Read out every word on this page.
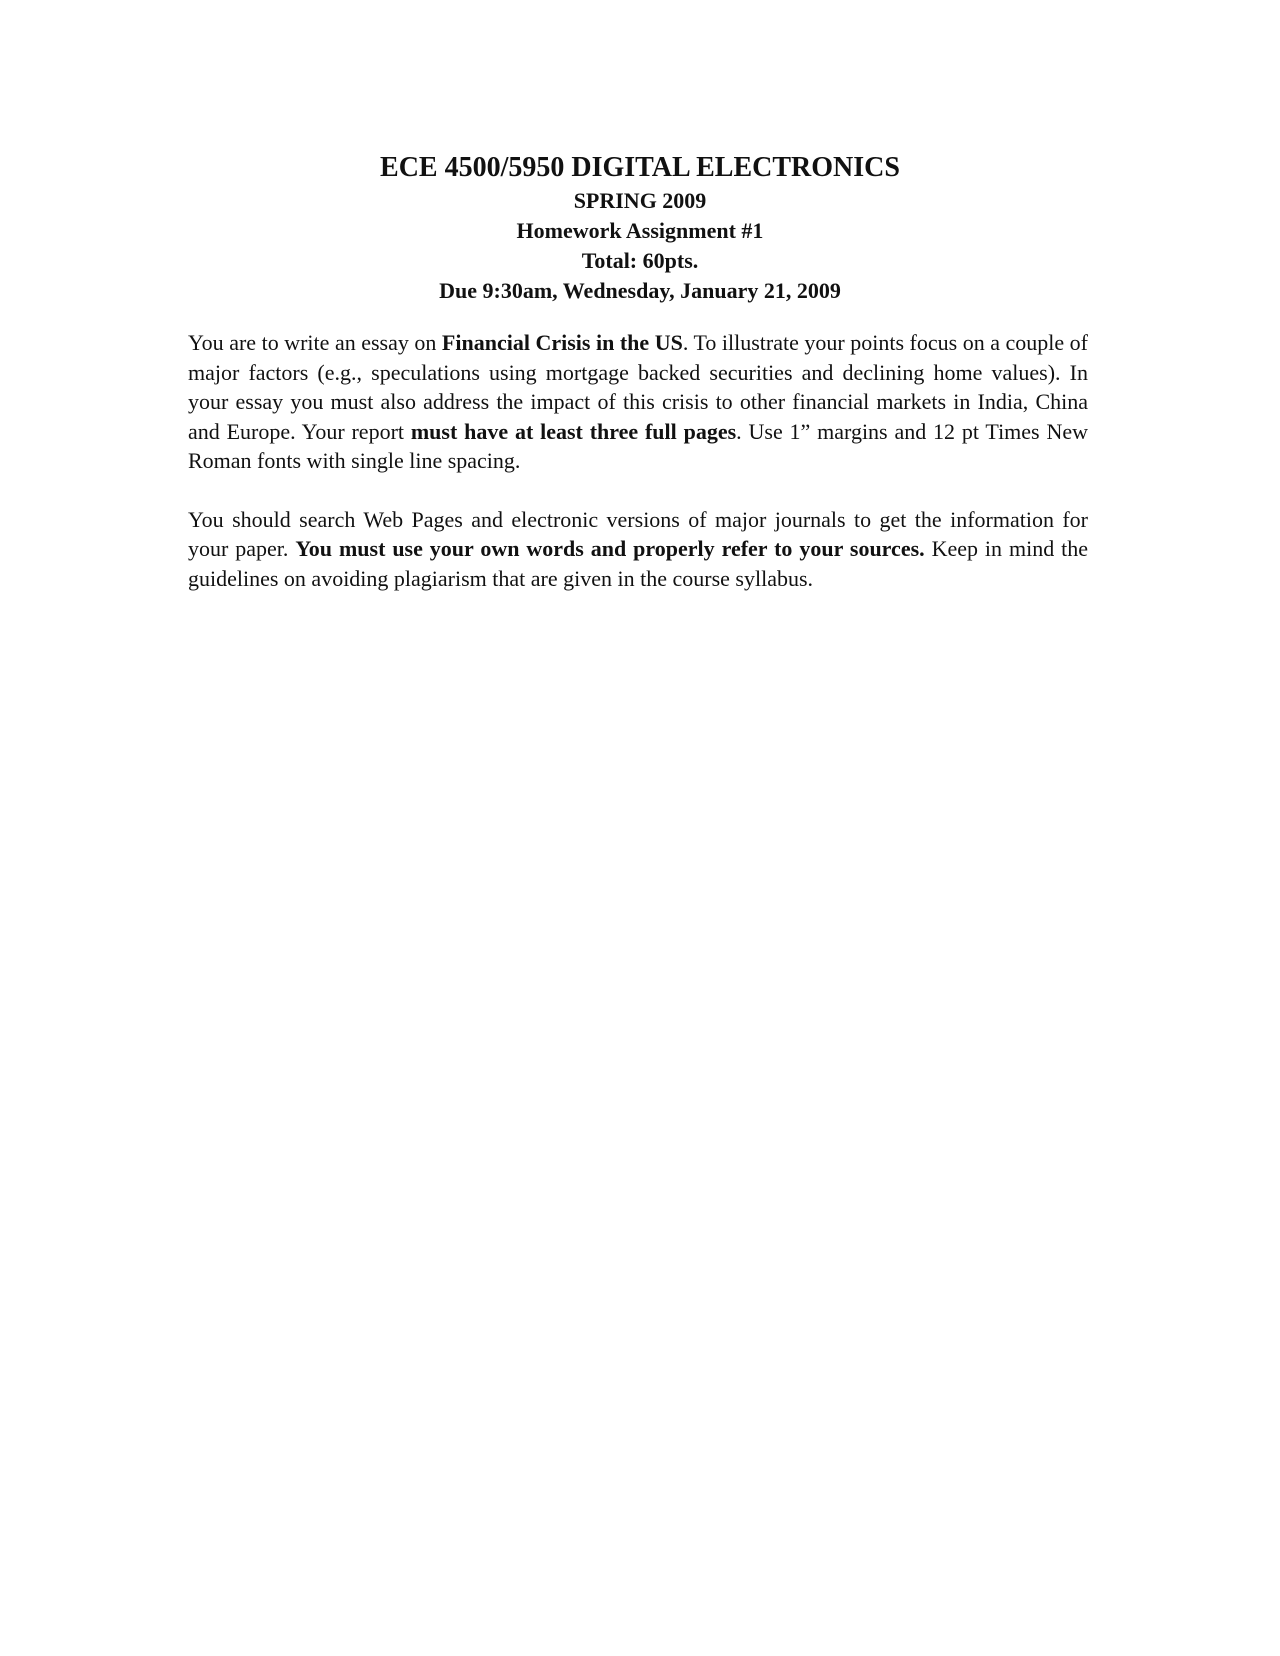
ECE 4500/5950 DIGITAL ELECTRONICS
SPRING 2009
Homework Assignment #1
Total: 60pts.
Due 9:30am, Wednesday, January 21, 2009

You are to write an essay on Financial Crisis in the US. To illustrate your points focus on a couple of major factors (e.g., speculations using mortgage backed securities and declining home values). In your essay you must also address the impact of this crisis to other financial markets in India, China and Europe. Your report must have at least three full pages. Use 1” margins and 12 pt Times New Roman fonts with single line spacing.

You should search Web Pages and electronic versions of major journals to get the information for your paper. You must use your own words and properly refer to your sources. Keep in mind the guidelines on avoiding plagiarism that are given in the course syllabus.
